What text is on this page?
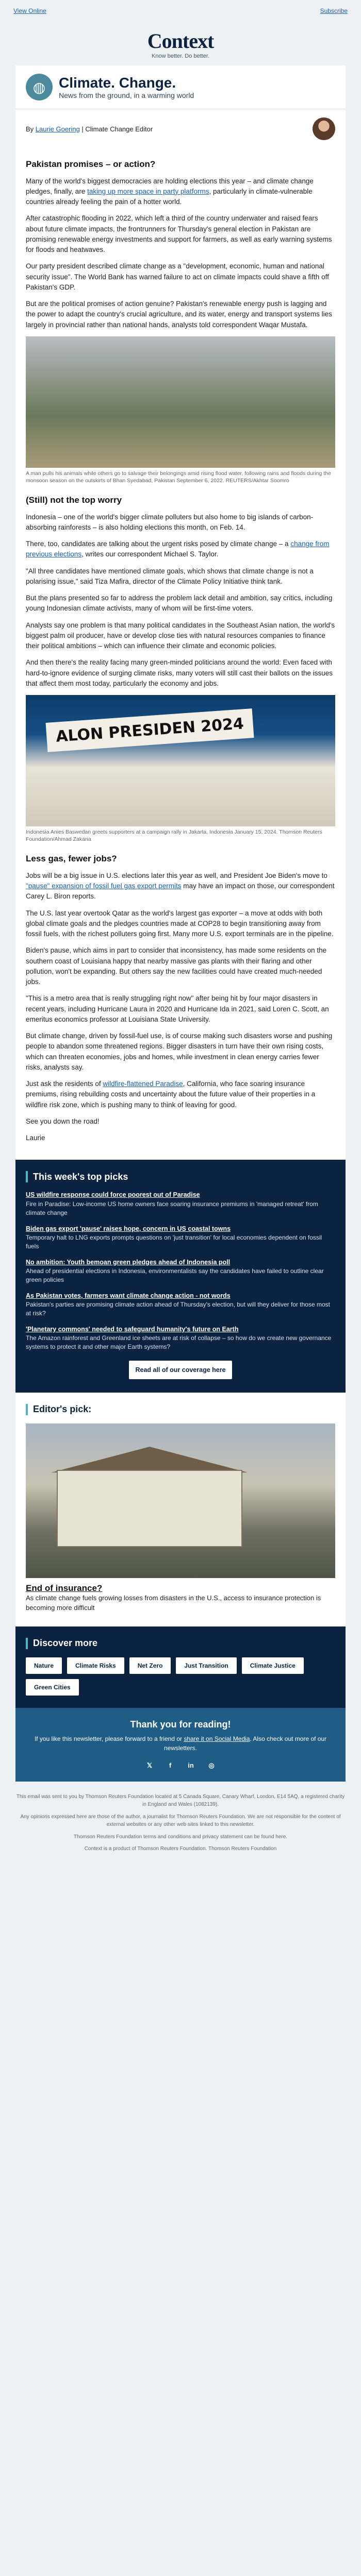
View Online	Subscribe
Context
Know better. Do better.
◍ Climate. Change.
News from the ground, in a warming world
By Laurie Goering | Climate Change Editor
Pakistan promises – or action?

Many of the world's biggest democracies are holding elections this year – and climate change pledges, finally, are taking up more space in party platforms, particularly in climate-vulnerable countries already feeling the pain of a hotter world.

After catastrophic flooding in 2022, which left a third of the country underwater and raised fears about future climate impacts, the frontrunners for Thursday's general election in Pakistan are promising renewable energy investments and support for farmers, as well as early warning systems for floods and heatwaves.

Our party president described climate change as a "development, economic, human and national security issue". The World Bank has warned failure to act on climate impacts could shave a fifth off Pakistan's GDP.

But are the political promises of action genuine? Pakistan's renewable energy push is lagging and the power to adapt the country's crucial agriculture, and its water, energy and transport systems lies largely in provincial rather than national hands, analysts told correspondent Waqar Mustafa.

A man pulls his animals while others go to salvage their belongings amid rising flood water, following rains and floods during the monsoon season on the outskirts of Bhan Syedabad, Pakistan September 6, 2022. REUTERS/Akhtar Soomro
(Still) not the top worry

Indonesia – one of the world's bigger climate polluters but also home to big islands of carbon-absorbing rainforests – is also holding elections this month, on Feb. 14.

There, too, candidates are talking about the urgent risks posed by climate change – a change from previous elections, writes our correspondent Michael S. Taylor.

"All three candidates have mentioned climate goals, which shows that climate change is not a polarising issue," said Tiza Mafira, director of the Climate Policy Initiative think tank.

But the plans presented so far to address the problem lack detail and ambition, say critics, including young Indonesian climate activists, many of whom will be first-time voters.

Analysts say one problem is that many political candidates in the Southeast Asian nation, the world's biggest palm oil producer, have or develop close ties with natural resources companies to finance their political ambitions – which can influence their climate and economic policies.

And then there's the reality facing many green-minded politicians around the world: Even faced with hard-to-ignore evidence of surging climate risks, many voters will still cast their ballots on the issues that affect them most today, particularly the economy and jobs.

ALON PRESIDEN 2024
Indonesia Anies Baswedan greets supporters at a campaign rally in Jakarta, Indonesia January 15, 2024. Thomson Reuters Foundation/Ahmad Zakaria
Less gas, fewer jobs?

Jobs will be a big issue in U.S. elections later this year as well, and President Joe Biden's move to "pause" expansion of fossil fuel gas export permits may have an impact on those, our correspondent Carey L. Biron reports.

The U.S. last year overtook Qatar as the world's largest gas exporter – a move at odds with both global climate goals and the pledges countries made at COP28 to begin transitioning away from fossil fuels, with the richest polluters going first. Many more U.S. export terminals are in the pipeline.

Biden's pause, which aims in part to consider that inconsistency, has made some residents on the southern coast of Louisiana happy that nearby massive gas plants with their flaring and other pollution, won't be expanding. But others say the new facilities could have created much-needed jobs.

"This is a metro area that is really struggling right now" after being hit by four major disasters in recent years, including Hurricane Laura in 2020 and Hurricane Ida in 2021, said Loren C. Scott, an emeritus economics professor at Louisiana State University.

But climate change, driven by fossil-fuel use, is of course making such disasters worse and pushing people to abandon some threatened regions. Bigger disasters in turn have their own rising costs, which can threaten economies, jobs and homes, while investment in clean energy carries fewer risks, analysts say.

Just ask the residents of wildfire-flattened Paradise, California, who face soaring insurance premiums, rising rebuilding costs and uncertainty about the future value of their properties in a wildfire risk zone, which is pushing many to think of leaving for good.

See you down the road!

Laurie

This week's top picks
US wildfire response could force poorest out of Paradise
Fire in Paradise: Low-income US home owners face soaring insurance premiums in 'managed retreat' from climate change
Biden gas export 'pause' raises hope, concern in US coastal towns
Temporary halt to LNG exports prompts questions on 'just transition' for local economies dependent on fossil fuels
No ambition: Youth bemoan green pledges ahead of Indonesia poll
Ahead of presidential elections in Indonesia, environmentalists say the candidates have failed to outline clear green policies
As Pakistan votes, farmers want climate change action - not words
Pakistan's parties are promising climate action ahead of Thursday's election, but will they deliver for those most at risk?
'Planetary commons' needed to safeguard humanity's future on Earth
The Amazon rainforest and Greenland ice sheets are at risk of collapse – so how do we create new governance systems to protect it and other major Earth systems?
Read all of our coverage here
Editor's pick:
End of insurance?
As climate change fuels growing losses from disasters in the U.S., access to insurance protection is becoming more difficult
Discover more
Nature	Climate Risks	Net Zero	Just Transition	Climate Justice
Green Cities
Thank you for reading!

If you like this newsletter, please forward to a friend or share it on Social Media. Also check out more of our newsletters.

𝕏	f	in	◎

This email was sent to you by Thomson Reuters Foundation located at 5 Canada Square, Canary Wharf, London, E14 5AQ, a registered charity in England and Wales (1082139).

Any opinions expressed here are those of the author, a journalist for Thomson Reuters Foundation. We are not responsible for the content of external websites or any other web sites linked to this newsletter.

Thomson Reuters Foundation terms and conditions and privacy statement can be found here.

Context is a product of Thomson Reuters Foundation. Thomson Reuters Foundation
